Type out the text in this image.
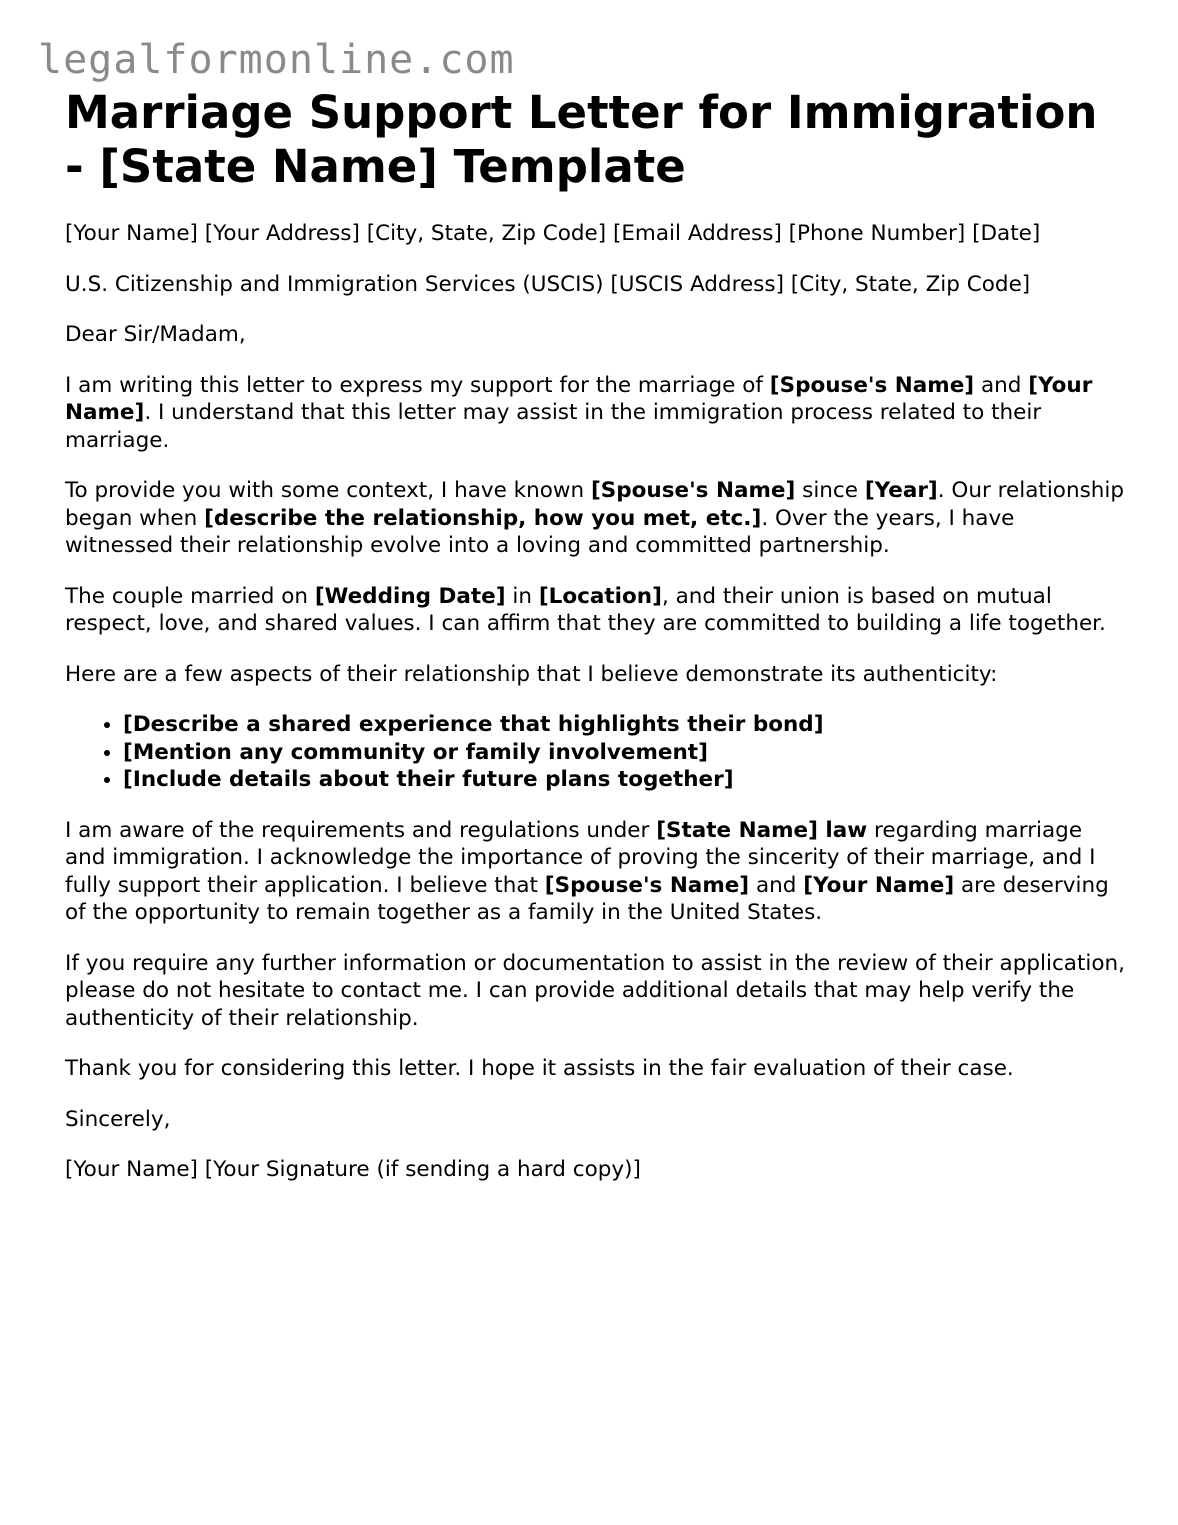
legalformonline.com
Marriage Support Letter for Immigration - [State Name] Template

[Your Name] [Your Address] [City, State, Zip Code] [Email Address] [Phone Number] [Date]

U.S. Citizenship and Immigration Services (USCIS) [USCIS Address] [City, State, Zip Code]

Dear Sir/Madam,

I am writing this letter to express my support for the marriage of [Spouse's Name] and [Your Name]. I understand that this letter may assist in the immigration process related to their marriage.

To provide you with some context, I have known [Spouse's Name] since [Year]. Our relationship began when [describe the relationship, how you met, etc.]. Over the years, I have witnessed their relationship evolve into a loving and committed partnership.

The couple married on [Wedding Date] in [Location], and their union is based on mutual respect, love, and shared values. I can affirm that they are committed to building a life together.

Here are a few aspects of their relationship that I believe demonstrate its authenticity:

• [Describe a shared experience that highlights their bond]
• [Mention any community or family involvement]
• [Include details about their future plans together]

I am aware of the requirements and regulations under [State Name] law regarding marriage and immigration. I acknowledge the importance of proving the sincerity of their marriage, and I fully support their application. I believe that [Spouse's Name] and [Your Name] are deserving of the opportunity to remain together as a family in the United States.

If you require any further information or documentation to assist in the review of their application, please do not hesitate to contact me. I can provide additional details that may help verify the authenticity of their relationship.

Thank you for considering this letter. I hope it assists in the fair evaluation of their case.

Sincerely,

[Your Name] [Your Signature (if sending a hard copy)]
